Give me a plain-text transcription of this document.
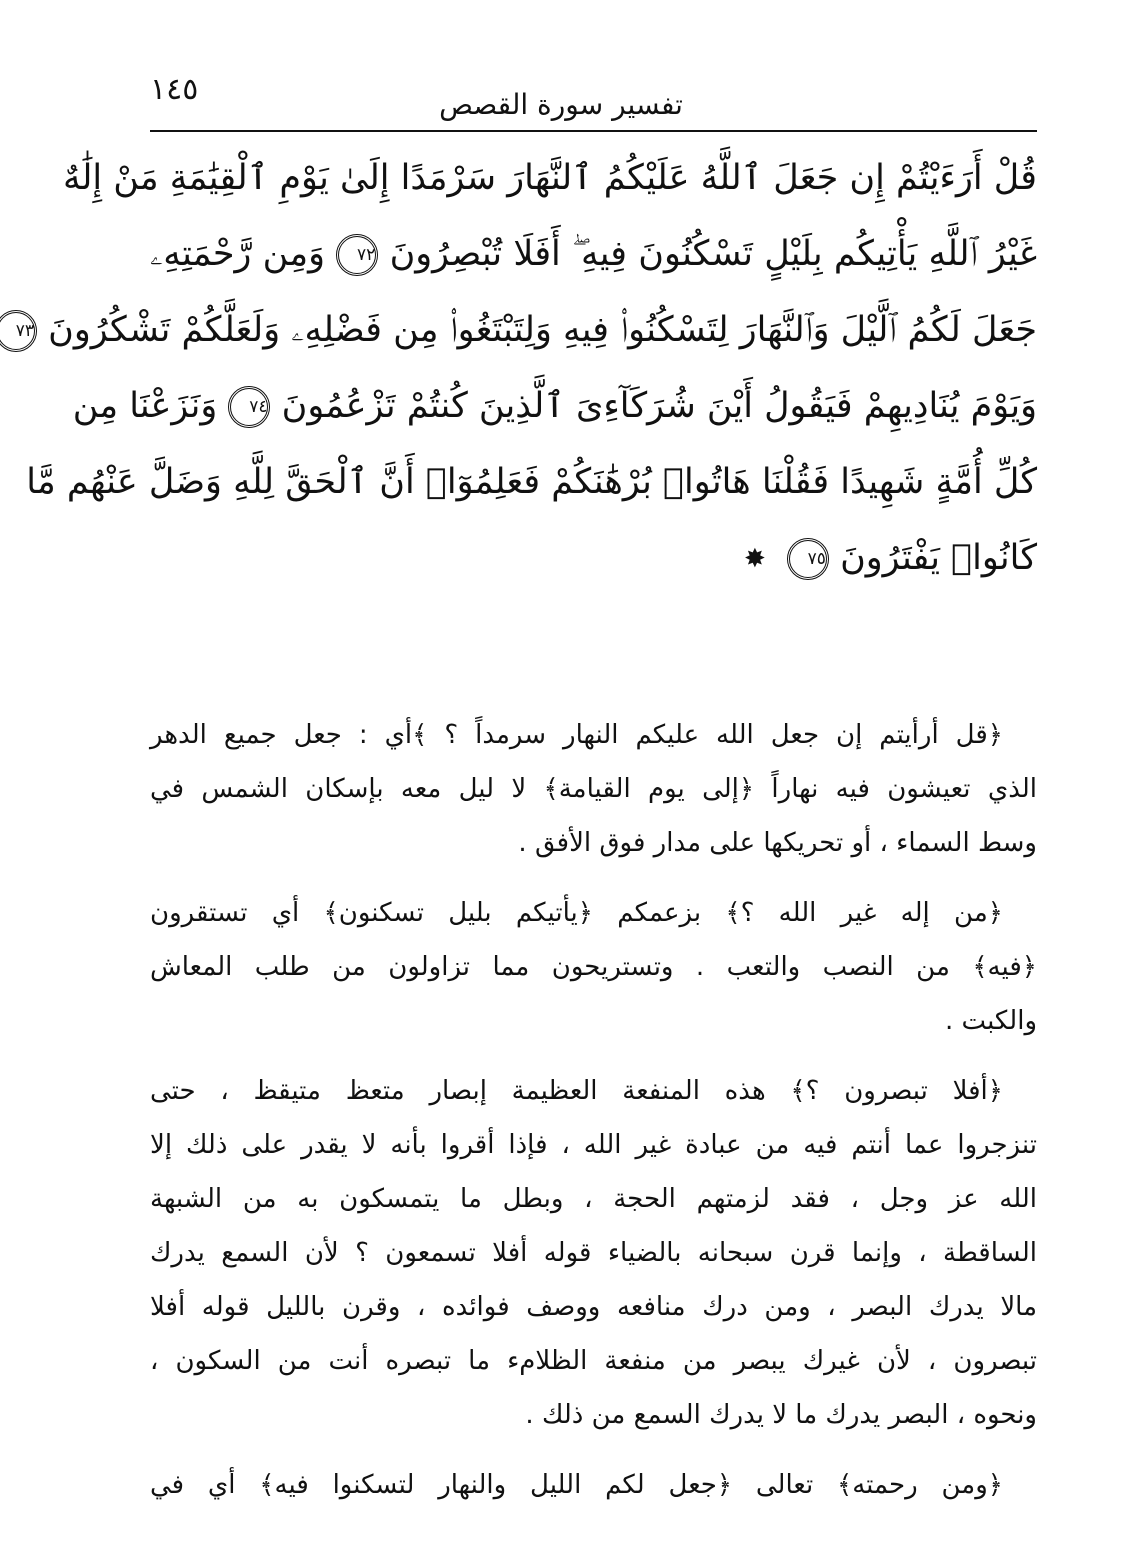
١٤٥	تفسير سورة القصص
قُلْ أَرَءَيْتُمْ إِن جَعَلَ ٱللَّهُ عَلَيْكُمُ ٱلنَّهَارَ سَرْمَدًا إِلَىٰ يَوْمِ ٱلْقِيَٰمَةِ مَنْ إِلَٰهٌ
غَيْرُ ٱللَّهِ يَأْتِيكُم بِلَيْلٍ تَسْكُنُونَ فِيهِ ۖ أَفَلَا تُبْصِرُونَ ٧٢ وَمِن رَّحْمَتِهِۦ
جَعَلَ لَكُمُ ٱلَّيْلَ وَٱلنَّهَارَ لِتَسْكُنُوا۟ فِيهِ وَلِتَبْتَغُوا۟ مِن فَضْلِهِۦ وَلَعَلَّكُمْ تَشْكُرُونَ ٧٣
وَيَوْمَ يُنَادِيهِمْ فَيَقُولُ أَيْنَ شُرَكَآءِىَ ٱلَّذِينَ كُنتُمْ تَزْعُمُونَ ٧٤ وَنَزَعْنَا مِن
كُلِّ أُمَّةٍ شَهِيدًا فَقُلْنَا هَاتُوا۟ بُرْهَٰنَكُمْ فَعَلِمُوٓا۟ أَنَّ ٱلْحَقَّ لِلَّهِ وَضَلَّ عَنْهُم مَّا
كَانُوا۟ يَفْتَرُونَ ٧٥ ✸
﴿قل أرأيتم إن جعل الله عليكم النهار سرمداً ؟ ﴾أي : جعل جميع الدهر
الذي تعيشون فيه نهاراً ﴿إلى يوم القيامة﴾ لا ليل معه بإسكان الشمس في
وسط السماء ، أو تحريكها على مدار فوق الأفق .
﴿من إله غير الله ؟﴾ بزعمكم ﴿يأتيكم بليل تسكنون﴾ أي تستقرون
﴿فيه﴾ من النصب والتعب . وتستريحون مما تزاولون من طلب المعاش
والكبت .
﴿أفلا تبصرون ؟﴾ هذه المنفعة العظيمة إبصار متعظ متيقظ ، حتى
تنزجروا عما أنتم فيه من عبادة غير الله ، فإذا أقروا بأنه لا يقدر على ذلك إلا
الله عز وجل ، فقد لزمتهم الحجة ، وبطل ما يتمسكون به من الشبهة
الساقطة ، وإنما قرن سبحانه بالضياء قوله أفلا تسمعون ؟ لأن السمع يدرك
مالا يدرك البصر ، ومن درك منافعه ووصف فوائده ، وقرن بالليل قوله أفلا
تبصرون ، لأن غيرك يبصر من منفعة الظلامء ما تبصره أنت من السكون ،
ونحوه ، البصر يدرك ما لا يدرك السمع من ذلك .
﴿ومن رحمته﴾ تعالى ﴿جعل لكم الليل والنهار لتسكنوا فيه﴾ أي في
